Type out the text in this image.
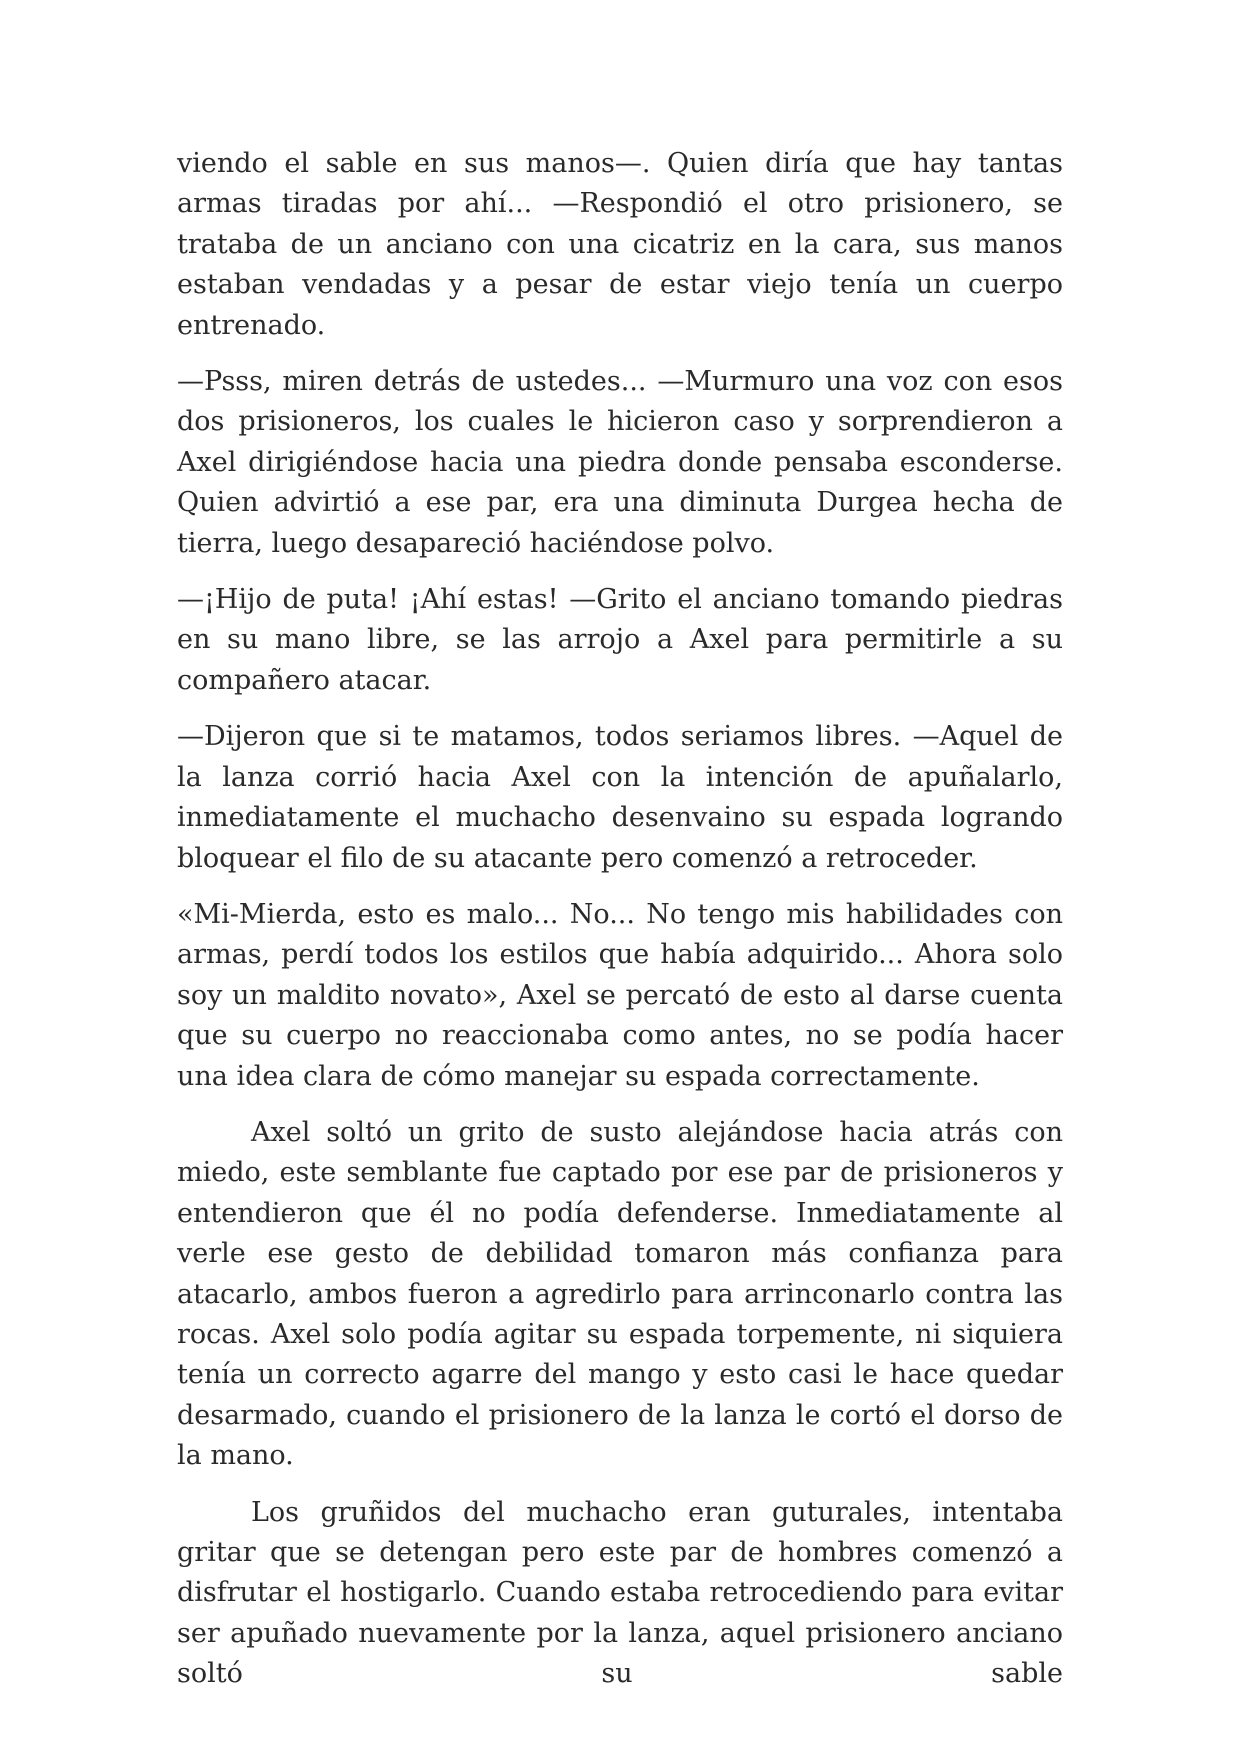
viendo el sable en sus manos—. Quien diría que hay tantas armas tiradas por ahí... —Respondió el otro prisionero, se trataba de un anciano con una cicatriz en la cara, sus manos estaban vendadas y a pesar de estar viejo tenía un cuerpo entrenado.

—Psss, miren detrás de ustedes... —Murmuro una voz con esos dos prisioneros, los cuales le hicieron caso y sorprendieron a Axel dirigiéndose hacia una piedra donde pensaba esconderse. Quien advirtió a ese par, era una diminuta Durgea hecha de tierra, luego desapareció haciéndose polvo.

—¡Hijo de puta! ¡Ahí estas! —Grito el anciano tomando piedras en su mano libre, se las arrojo a Axel para permitirle a su compañero atacar.

—Dijeron que si te matamos, todos seriamos libres. —Aquel de la lanza corrió hacia Axel con la intención de apuñalarlo, inmediatamente el muchacho desenvaino su espada logrando bloquear el filo de su atacante pero comenzó a retroceder.

«Mi-Mierda, esto es malo... No... No tengo mis habilidades con armas, perdí todos los estilos que había adquirido... Ahora solo soy un maldito novato», Axel se percató de esto al darse cuenta que su cuerpo no reaccionaba como antes, no se podía hacer una idea clara de cómo manejar su espada correctamente.

Axel soltó un grito de susto alejándose hacia atrás con miedo, este semblante fue captado por ese par de prisioneros y entendieron que él no podía defenderse. Inmediatamente al verle ese gesto de debilidad tomaron más confianza para atacarlo, ambos fueron a agredirlo para arrinconarlo contra las rocas. Axel solo podía agitar su espada torpemente, ni siquiera tenía un correcto agarre del mango y esto casi le hace quedar desarmado, cuando el prisionero de la lanza le cortó el dorso de la mano.

Los gruñidos del muchacho eran guturales, intentaba gritar que se detengan pero este par de hombres comenzó a disfrutar el hostigarlo. Cuando estaba retrocediendo para evitar ser apuñado nuevamente por la lanza, aquel prisionero anciano soltó su sable
